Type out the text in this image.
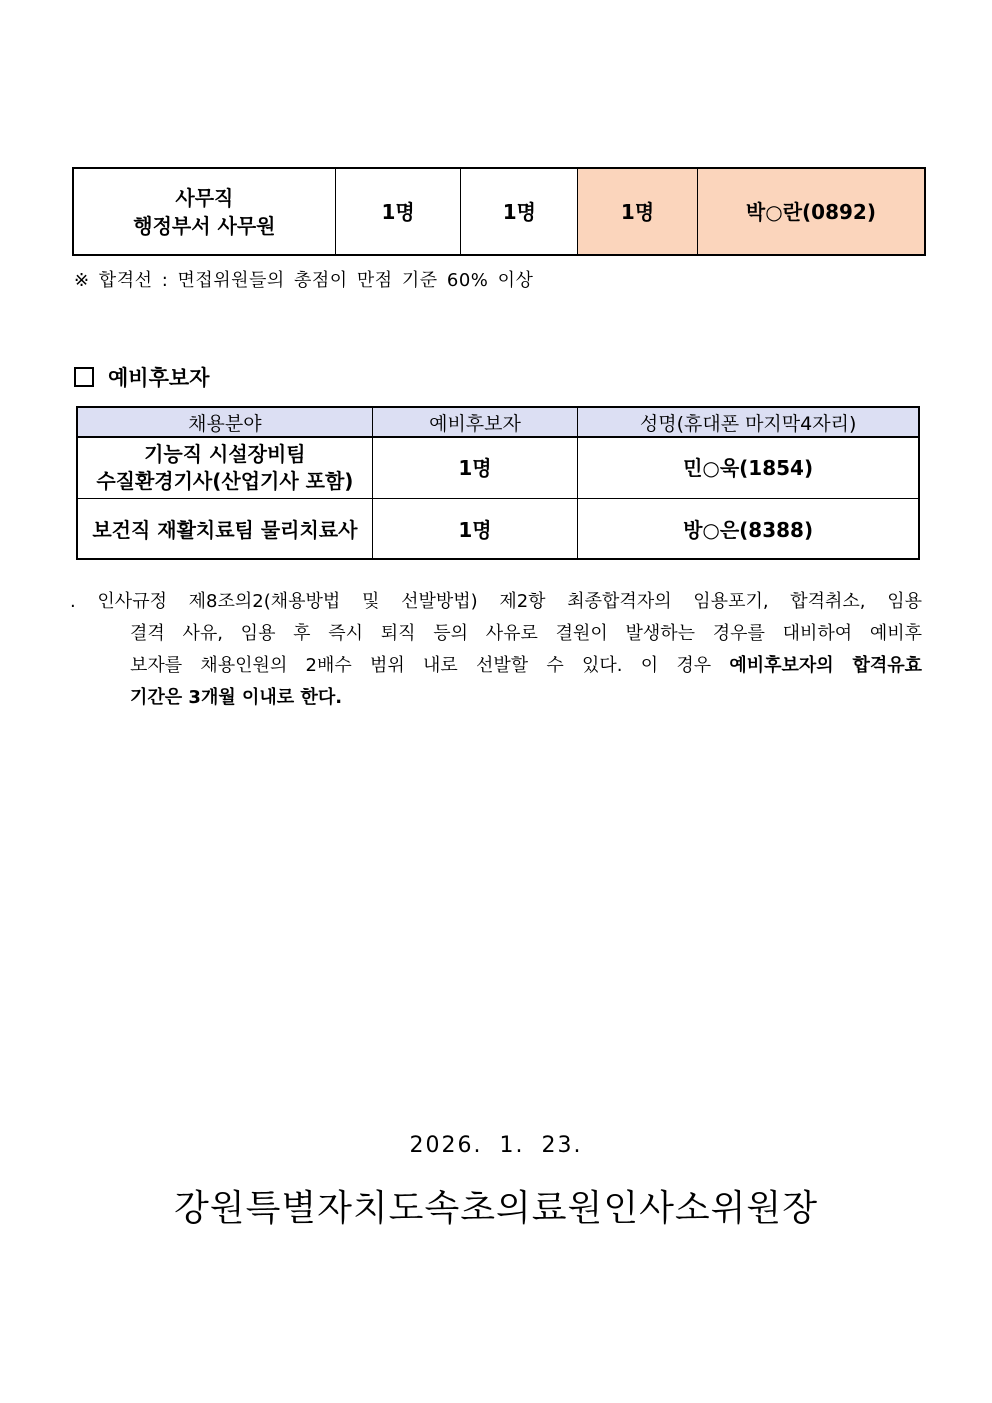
사무직
행정부서 사무원
	1명	1명	1명	박○란(0892)
※ 합격선 : 면접위원들의 총점이 만점 기준 60% 이상
예비후보자
채용분야	예비후보자	성명(휴대폰 마지막4자리)

기능직 시설장비팀
수질환경기사(산업기사 포함)	1명	민○욱(1854)
보건직 재활치료팀 물리치료사	1명	방○은(8388)
. 인사규정 제8조의2(채용방법 및 선발방법) 제2항 최종합격자의 임용포기, 합격취소, 임용
결격 사유, 임용 후 즉시 퇴직 등의 사유로 결원이 발생하는 경우를 대비하여 예비후
보자를 채용인원의 2배수 범위 내로 선발할 수 있다. 이 경우 예비후보자의 합격유효
기간은 3개월 이내로 한다.
2026. 1. 23.
강원특별자치도속초의료원인사소위원장
